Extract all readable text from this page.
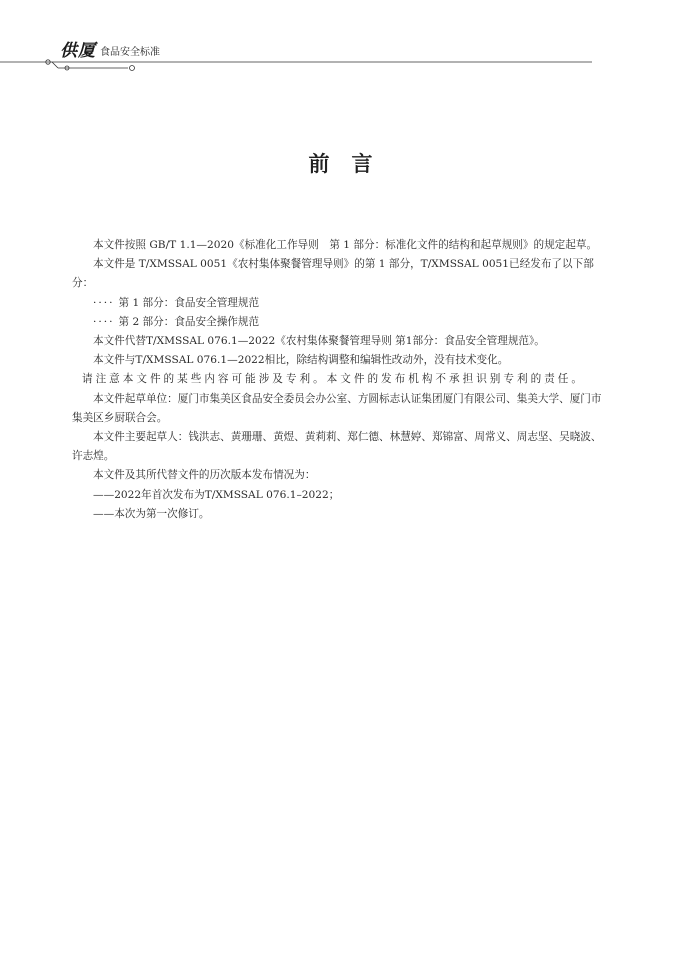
供厦 食品安全标准
前言

本文件按照 GB/T 1.1—2020《标准化工作导则　第 1 部分：标准化文件的结构和起草规则》的规定起草。

本文件是 T/XMSSAL 0051《农村集体聚餐管理导则》的第 1 部分，T/XMSSAL 0051已经发布了以下部分：

···· 第 1 部分：食品安全管理规范

···· 第 2 部分：食品安全操作规范

本文件代替T/XMSSAL 076.1—2022《农村集体聚餐管理导则 第1部分：食品安全管理规范》。

本文件与T/XMSSAL 076.1—2022相比，除结构调整和编辑性改动外，没有技术变化。

请注意本文件的某些内容可能涉及专利。本文件的发布机构不承担识别专利的责任。

本文件起草单位：厦门市集美区食品安全委员会办公室、方圆标志认证集团厦门有限公司、集美大学、厦门市集美区乡厨联合会。

本文件主要起草人：钱洪志、黄珊珊、黄煜、黄莉莉、郑仁德、林慧婷、郑锦富、周常义、周志坚、吴晓波、许志煌。

本文件及其所代替文件的历次版本发布情况为：

——2022年首次发布为T/XMSSAL 076.1–2022；

——本次为第一次修订。
